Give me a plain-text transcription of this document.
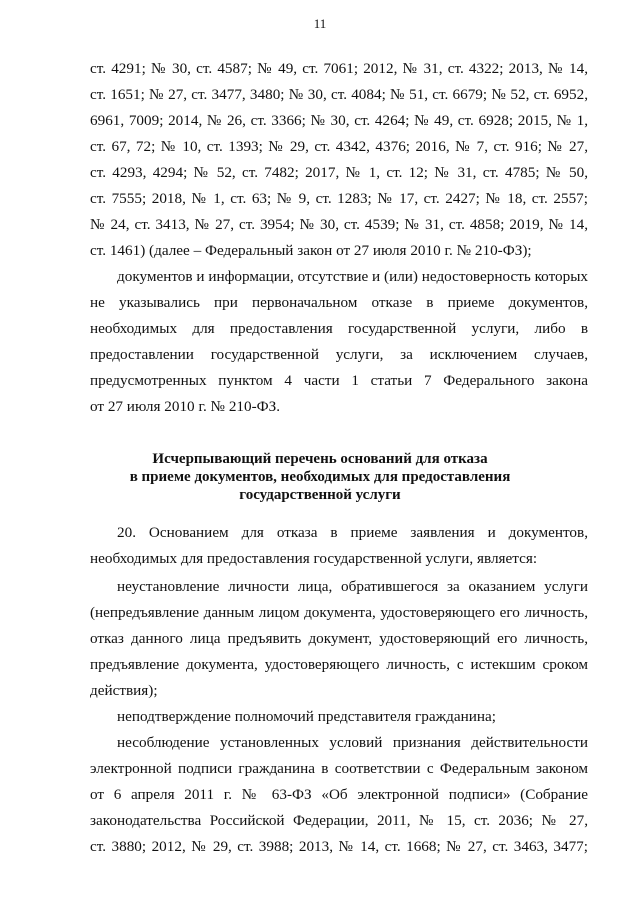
11
ст. 4291; № 30, ст. 4587; № 49, ст. 7061; 2012, № 31, ст. 4322; 2013, № 14,
ст. 1651; № 27, ст. 3477, 3480; № 30, ст. 4084; № 51, ст. 6679; № 52, ст. 6952,
6961, 7009; 2014, № 26, ст. 3366; № 30, ст. 4264; № 49, ст. 6928; 2015, № 1,
ст. 67, 72; № 10, ст. 1393; № 29, ст. 4342, 4376; 2016, № 7, ст. 916; № 27,
ст. 4293, 4294; № 52, ст. 7482; 2017, № 1, ст. 12; № 31, ст. 4785; № 50,
ст. 7555; 2018, № 1, ст. 63; № 9, ст. 1283; № 17, ст. 2427; № 18, ст. 2557;
№ 24, ст. 3413, № 27, ст. 3954; № 30, ст. 4539; № 31, ст. 4858; 2019, № 14,
ст. 1461) (далее – Федеральный закон от 27 июля 2010 г. № 210-ФЗ);
документов и информации, отсутствие и (или) недостоверность которых
не указывались при первоначальном отказе в приеме документов,
необходимых для предоставления государственной услуги, либо в
предоставлении государственной услуги, за исключением случаев,
предусмотренных пунктом 4 части 1 статьи 7 Федерального закона
от 27 июля 2010 г. № 210-ФЗ.
Исчерпывающий перечень оснований для отказа
в приеме документов, необходимых для предоставления
государственной услуги
20. Основанием для отказа в приеме заявления и документов,
необходимых для предоставления государственной услуги, является:
неустановление личности лица, обратившегося за оказанием услуги
(непредъявление данным лицом документа, удостоверяющего его личность,
отказ данного лица предъявить документ, удостоверяющий его личность,
предъявление документа, удостоверяющего личность, с истекшим сроком
действия);
неподтверждение полномочий представителя гражданина;
несоблюдение установленных условий признания действительности
электронной подписи гражданина в соответствии с Федеральным законом
от 6 апреля 2011 г. № 63-ФЗ «Об электронной подписи» (Собрание
законодательства Российской Федерации, 2011, № 15, ст. 2036; № 27,
ст. 3880; 2012, № 29, ст. 3988; 2013, № 14, ст. 1668; № 27, ст. 3463, 3477;
